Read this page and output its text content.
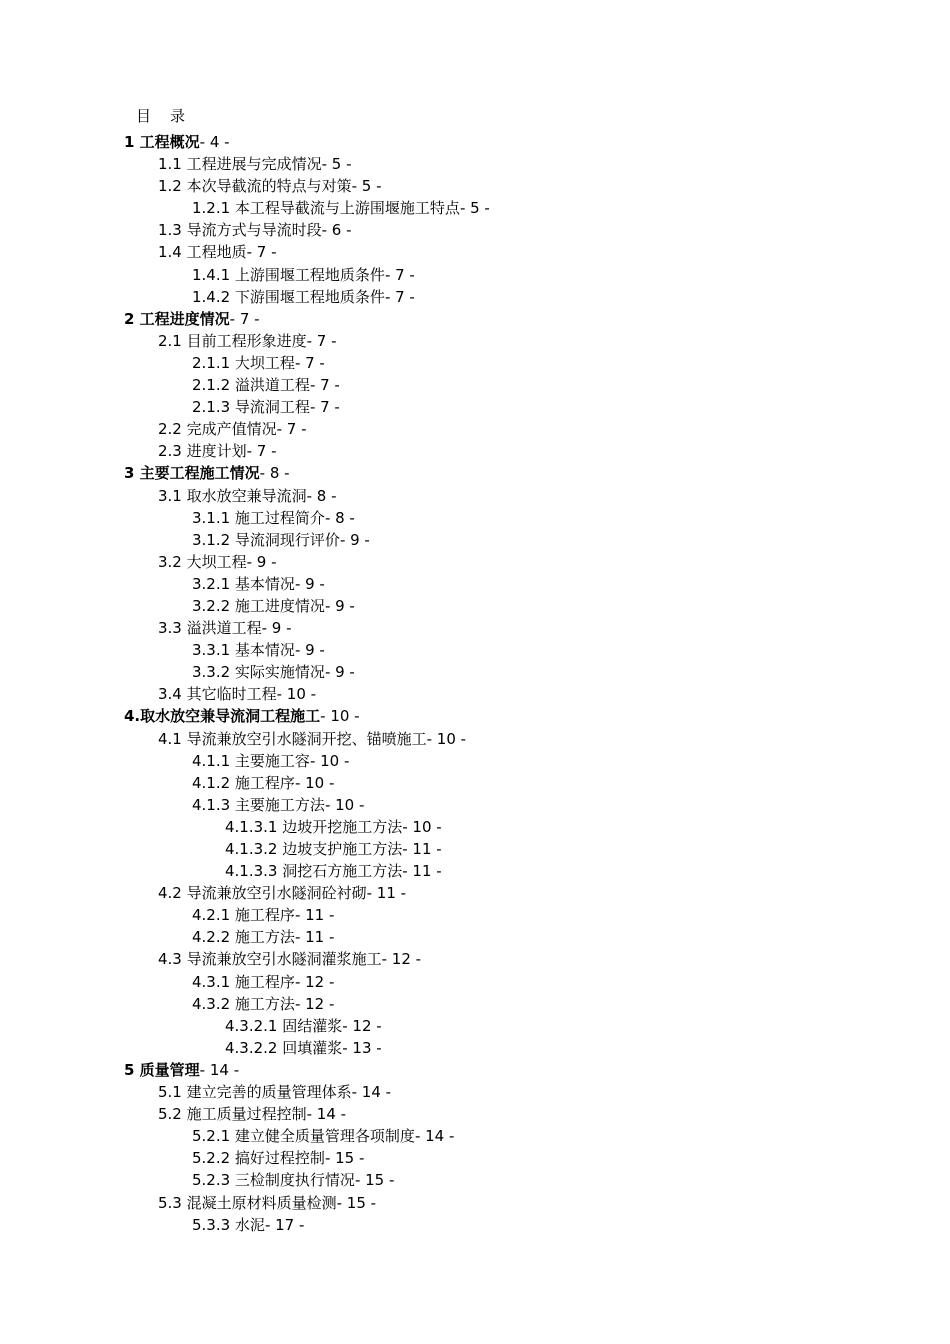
目　录
1 工程概况- 4 -
1.1 工程进展与完成情况- 5 -
1.2 本次导截流的特点与对策- 5 -
1.2.1 本工程导截流与上游围堰施工特点- 5 -
1.3 导流方式与导流时段- 6 -
1.4 工程地质- 7 -
1.4.1 上游围堰工程地质条件- 7 -
1.4.2 下游围堰工程地质条件- 7 -
2 工程进度情况- 7 -
2.1 目前工程形象进度- 7 -
2.1.1 大坝工程- 7 -
2.1.2 溢洪道工程- 7 -
2.1.3 导流洞工程- 7 -
2.2 完成产值情况- 7 -
2.3 进度计划- 7 -
3 主要工程施工情况- 8 -
3.1 取水放空兼导流洞- 8 -
3.1.1 施工过程简介- 8 -
3.1.2 导流洞现行评价- 9 -
3.2 大坝工程- 9 -
3.2.1 基本情况- 9 -
3.2.2 施工进度情况- 9 -
3.3 溢洪道工程- 9 -
3.3.1 基本情况- 9 -
3.3.2 实际实施情况- 9 -
3.4 其它临时工程- 10 -
4.取水放空兼导流洞工程施工- 10 -
4.1 导流兼放空引水隧洞开挖、锚喷施工- 10 -
4.1.1 主要施工容- 10 -
4.1.2 施工程序- 10 -
4.1.3 主要施工方法- 10 -
4.1.3.1 边坡开挖施工方法- 10 -
4.1.3.2 边坡支护施工方法- 11 -
4.1.3.3 洞挖石方施工方法- 11 -
4.2 导流兼放空引水隧洞砼衬砌- 11 -
4.2.1 施工程序- 11 -
4.2.2 施工方法- 11 -
4.3 导流兼放空引水隧洞灌浆施工- 12 -
4.3.1 施工程序- 12 -
4.3.2 施工方法- 12 -
4.3.2.1 固结灌浆- 12 -
4.3.2.2 回填灌浆- 13 -
5 质量管理- 14 -
5.1 建立完善的质量管理体系- 14 -
5.2 施工质量过程控制- 14 -
5.2.1 建立健全质量管理各项制度- 14 -
5.2.2 搞好过程控制- 15 -
5.2.3 三检制度执行情况- 15 -
5.3 混凝土原材料质量检测- 15 -
5.3.3 水泥- 17 -
